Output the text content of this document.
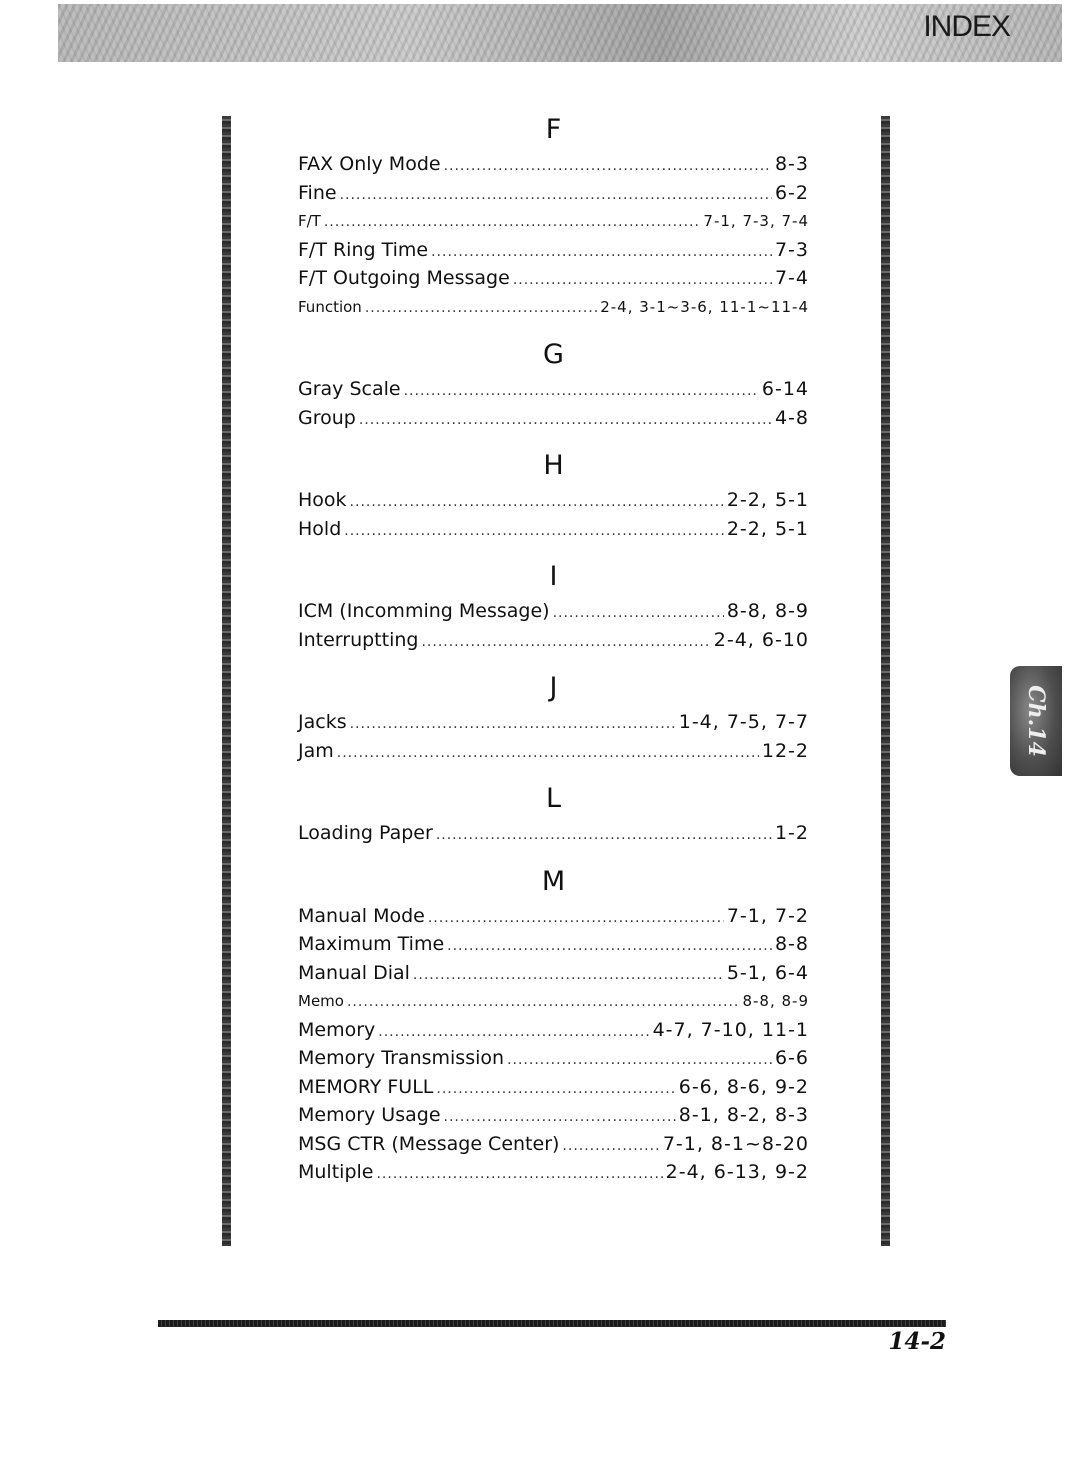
INDEX
Ch.14
F
FAX Only Mode .....	8-3
Fine .....	6-2
F/T .....	7-1, 7-3, 7-4
F/T Ring Time .....	7-3
F/T Outgoing Message .....	7-4
Function .....	2-4, 3-1~3-6, 11-1~11-4
G
Gray Scale .....	6-14
Group .....	4-8
H
Hook .....	2-2, 5-1
Hold .....	2-2, 5-1
I
ICM (Incomming Message) .....	8-8, 8-9
Interruptting .....	2-4, 6-10
J
Jacks .....	1-4, 7-5, 7-7
Jam .....	12-2
L
Loading Paper .....	1-2
M
Manual Mode .....	7-1, 7-2
Maximum Time .....	8-8
Manual Dial .....	5-1, 6-4
Memo .....	8-8, 8-9
Memory .....	4-7, 7-10, 11-1
Memory Transmission .....	6-6
MEMORY FULL .....	6-6, 8-6, 9-2
Memory Usage .....	8-1, 8-2, 8-3
MSG CTR (Message Center) .....	7-1, 8-1~8-20
Multiple .....	2-4, 6-13, 9-2
14-2
